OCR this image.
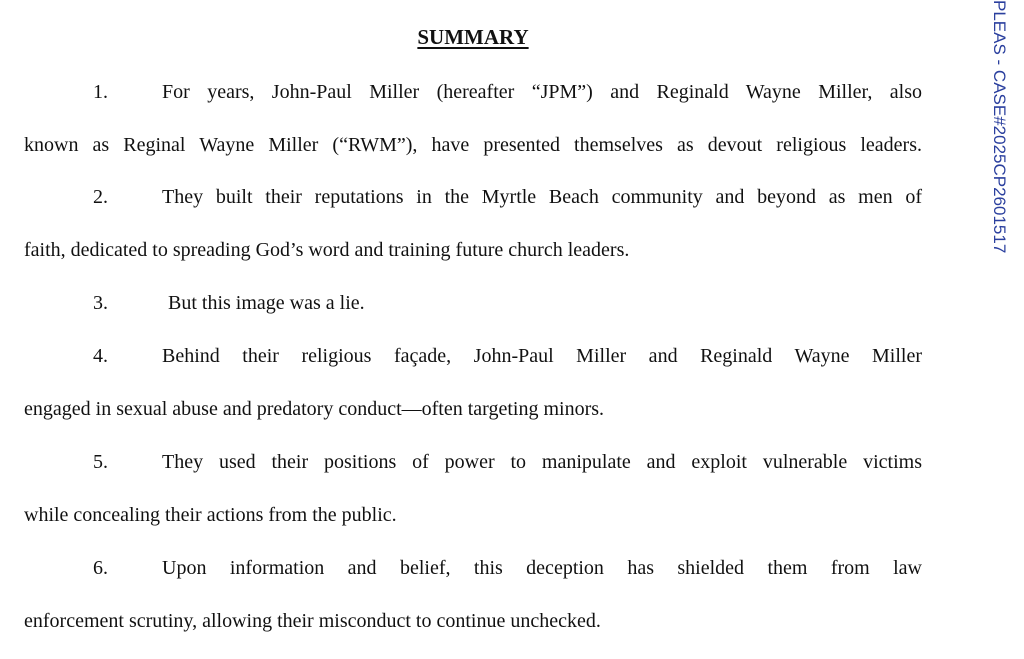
SUMMARY
1.	For years, John-Paul Miller (hereafter “JPM”) and Reginald Wayne Miller, also
known as Reginal Wayne Miller (“RWM”), have presented themselves as devout religious leaders.
2.	They built their reputations in the Myrtle Beach community and beyond as men of
faith, dedicated to spreading God’s word and training future church leaders.
3.	But this image was a lie.
4.	Behind their religious façade, John-Paul Miller and Reginald Wayne Miller
engaged in sexual abuse and predatory conduct—often targeting minors.
5.	They used their positions of power to manipulate and exploit vulnerable victims
while concealing their actions from the public.
6.	Upon information and belief, this deception has shielded them from law
enforcement scrutiny, allowing their misconduct to continue unchecked.
PLEAS - CASE#2025CP2601517
